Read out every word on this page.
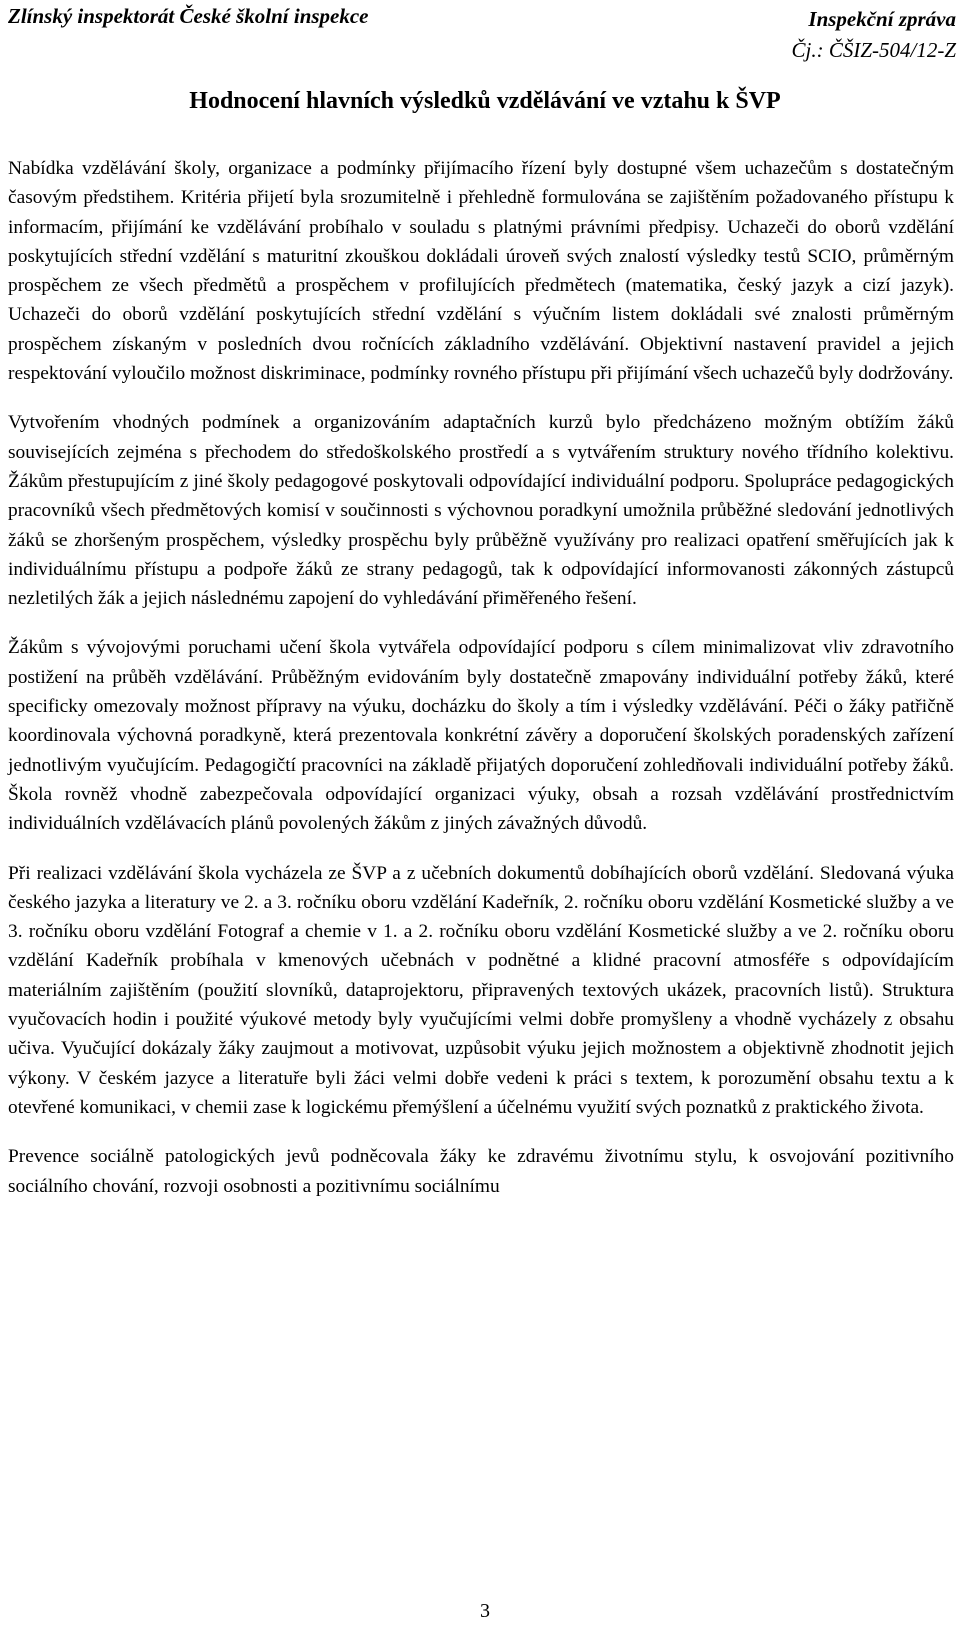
Zlínský inspektorát České školní inspekce	Inspekční zpráva
Čj.: ČŠIZ-504/12-Z
Hodnocení hlavních výsledků vzdělávání ve vztahu k ŠVP

Nabídka vzdělávání školy, organizace a podmínky přijímacího řízení byly dostupné všem uchazečům s dostatečným časovým předstihem. Kritéria přijetí byla srozumitelně i přehledně formulována se zajištěním požadovaného přístupu k informacím, přijímání ke vzdělávání probíhalo v souladu s platnými právními předpisy. Uchazeči do oborů vzdělání poskytujících střední vzdělání s maturitní zkouškou dokládali úroveň svých znalostí výsledky testů SCIO, průměrným prospěchem ze všech předmětů a prospěchem v profilujících předmětech (matematika, český jazyk a cizí jazyk). Uchazeči do oborů vzdělání poskytujících střední vzdělání s výučním listem dokládali své znalosti průměrným prospěchem získaným v posledních dvou ročnících základního vzdělávání. Objektivní nastavení pravidel a jejich respektování vyloučilo možnost diskriminace, podmínky rovného přístupu při přijímání všech uchazečů byly dodržovány.

Vytvořením vhodných podmínek a organizováním adaptačních kurzů bylo předcházeno možným obtížím žáků souvisejících zejména s přechodem do středoškolského prostředí a s vytvářením struktury nového třídního kolektivu. Žákům přestupujícím z jiné školy pedagogové poskytovali odpovídající individuální podporu. Spolupráce pedagogických pracovníků všech předmětových komisí v součinnosti s výchovnou poradkyní umožnila průběžné sledování jednotlivých žáků se zhoršeným prospěchem, výsledky prospěchu byly průběžně využívány pro realizaci opatření směřujících jak k individuálnímu přístupu a podpoře žáků ze strany pedagogů, tak k odpovídající informovanosti zákonných zástupců nezletilých žák a jejich následnému zapojení do vyhledávání přiměřeného řešení.

Žákům s vývojovými poruchami učení škola vytvářela odpovídající podporu s cílem minimalizovat vliv zdravotního postižení na průběh vzdělávání. Průběžným evidováním byly dostatečně zmapovány individuální potřeby žáků, které specificky omezovaly možnost přípravy na výuku, docházku do školy a tím i výsledky vzdělávání. Péči o žáky patřičně koordinovala výchovná poradkyně, která prezentovala konkrétní závěry a doporučení školských poradenských zařízení jednotlivým vyučujícím. Pedagogičtí pracovníci na základě přijatých doporučení zohledňovali individuální potřeby žáků. Škola rovněž vhodně zabezpečovala odpovídající organizaci výuky, obsah a rozsah vzdělávání prostřednictvím individuálních vzdělávacích plánů povolených žákům z jiných závažných důvodů.

Při realizaci vzdělávání škola vycházela ze ŠVP a z učebních dokumentů dobíhajících oborů vzdělání. Sledovaná výuka českého jazyka a literatury ve 2. a 3. ročníku oboru vzdělání Kadeřník, 2. ročníku oboru vzdělání Kosmetické služby a ve 3. ročníku oboru vzdělání Fotograf a chemie v 1. a 2. ročníku oboru vzdělání Kosmetické služby a ve 2. ročníku oboru vzdělání Kadeřník probíhala v kmenových učebnách v podnětné a klidné pracovní atmosféře s odpovídajícím materiálním zajištěním (použití slovníků, dataprojektoru, připravených textových ukázek, pracovních listů). Struktura vyučovacích hodin i použité výukové metody byly vyučujícími velmi dobře promyšleny a vhodně vycházely z obsahu učiva. Vyučující dokázaly žáky zaujmout a motivovat, uzpůsobit výuku jejich možnostem a objektivně zhodnotit jejich výkony. V českém jazyce a literatuře byli žáci velmi dobře vedeni k práci s textem, k porozumění obsahu textu a k otevřené komunikaci, v chemii zase k logickému přemýšlení a účelnému využití svých poznatků z praktického života.

Prevence sociálně patologických jevů podněcovala žáky ke zdravému životnímu stylu, k osvojování pozitivního sociálního chování, rozvoji osobnosti a pozitivnímu sociálnímu

3
